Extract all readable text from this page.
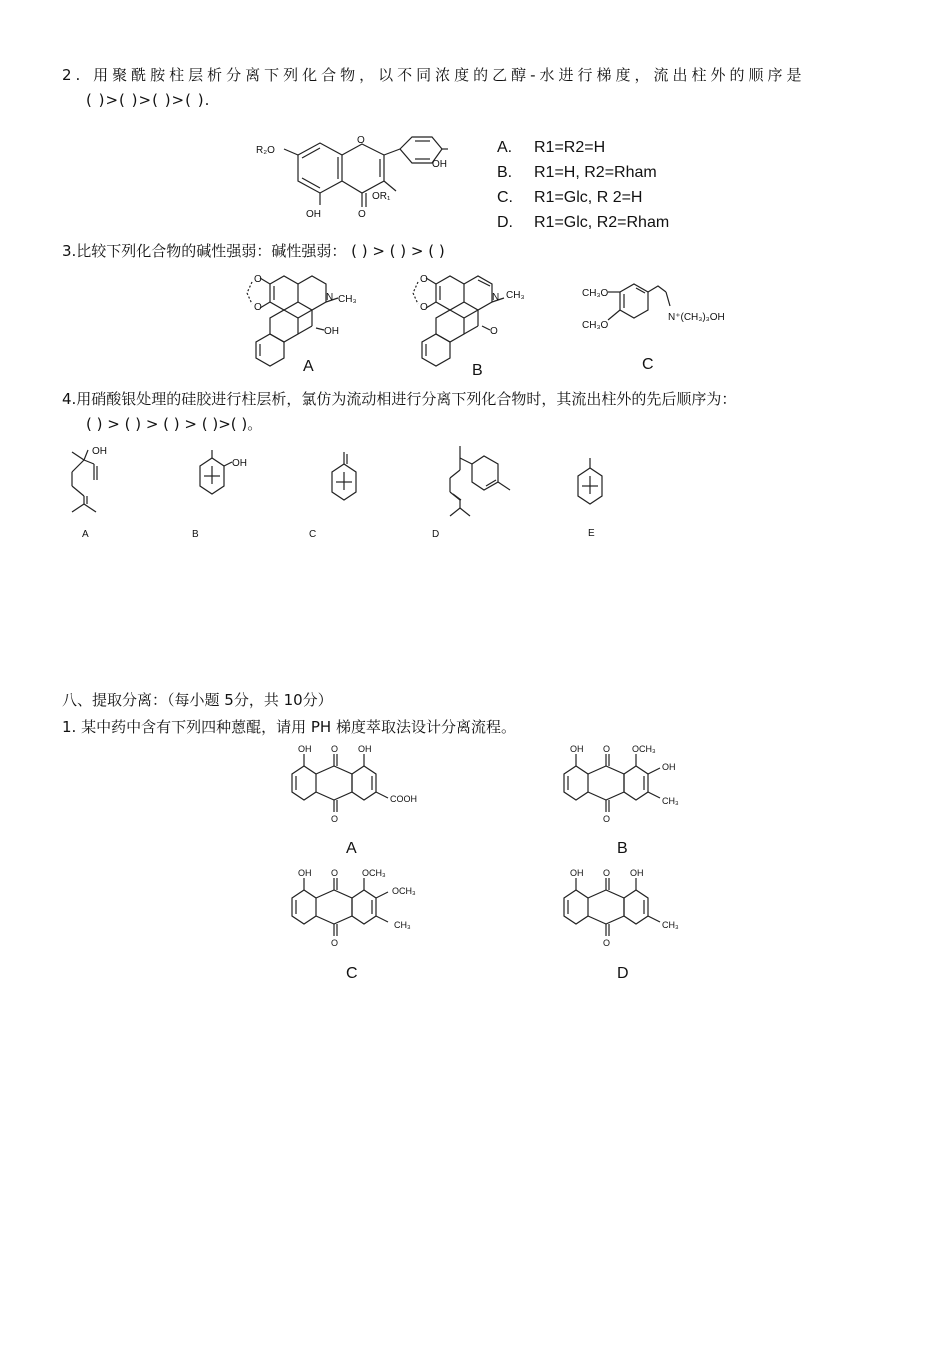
2. 用聚酰胺柱层析分离下列化合物，以不同浓度的乙醇-水进行梯度，流出柱外的顺序是
( )>( )>( )>( ).
R₂O
O
OH
OR₁
OH	O
A. R1=R2=H
B. R1=H, R2=Rham
C. R1=Glc, R 2=H
D. R1=Glc, R2=Rham
3.比较下列化合物的碱性强弱：碱性强弱： ( ) > ( ) > ( )
O
O
N CH₃
OH
A
O
O
N CH₃
O
B
CH₃O
CH₃O
N⁺(CH₃)₃OH
C
4.用硝酸银处理的硅胶进行柱层析，氯仿为流动相进行分离下列化合物时，其流出柱外的先后顺序为：
( ) > ( ) > ( ) > ( )>( )。
OH
A
OH
B	C	D	E
八、提取分离：（每小题 5分，共 10分）
1. 某中药中含有下列四种蒽醌，请用 PH 梯度萃取法设计分离流程。
OH O OH
O
COOH
A
OH O OCH₃
OH
CH₃
O
B
OH O	OCH₃
OCH₃
CH₃
O
C
OH O OH
CH₃
O
D
